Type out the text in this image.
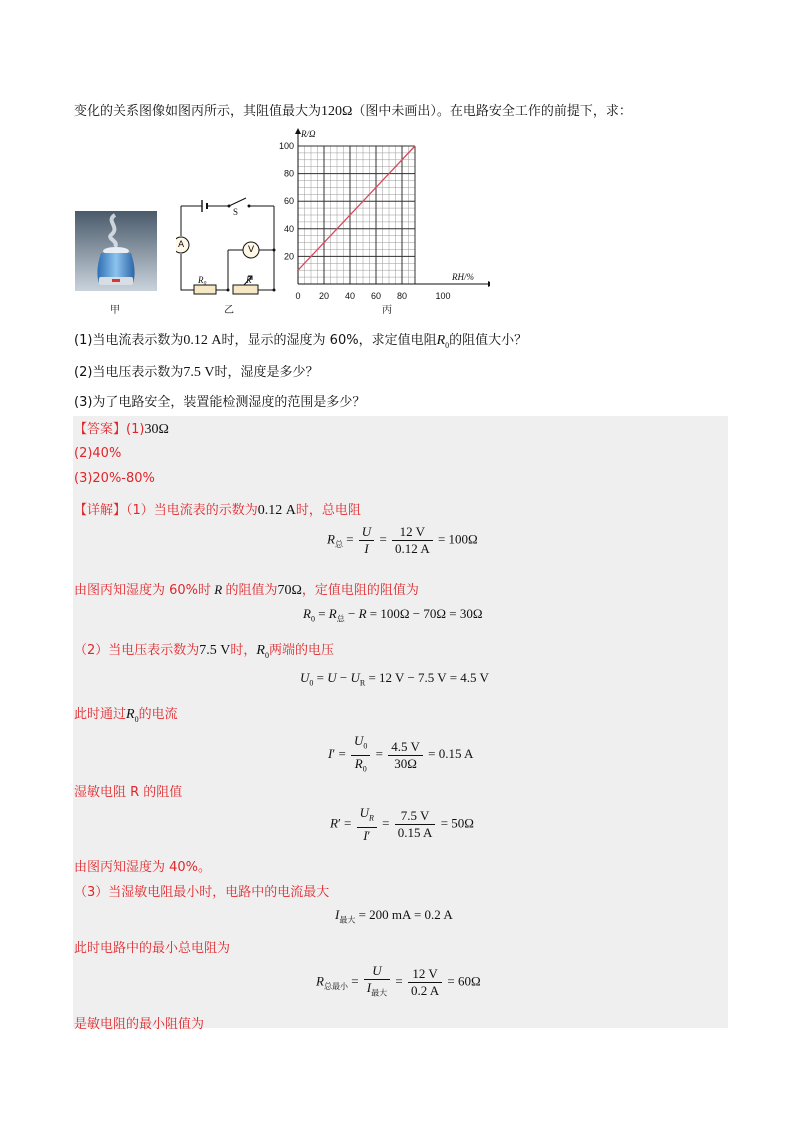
变化的关系图像如图丙所示，其阻值最大为120Ω（图中未画出）。在电路安全工作的前提下，求：
甲
S
A	V
R₀	R
乙
0 20 40 60 80	100
20
40
60
80
100
R/Ω
RH/%
丙
(1)当电流表示数为0.12 A时，显示的湿度为 60%，求定值电阻$R_0$的阻值大小？
(2)当电压表示数为7.5 V时，湿度是多少？
(3)为了电路安全，装置能检测湿度的范围是多少？
【答案】(1)30Ω
(2)40%
(3)20%-80%
【详解】（1）当电流表的示数为0.12 A时，总电阻
$R_总 = \frac{U}{I} = \frac{12 V}{0.12 A} = 100\Omega$
由图丙知湿度为 60%时 R 的阻值为70Ω，定值电阻的阻值为
$R_0 = R_总 - R = 100\Omega - 70\Omega = 30\Omega$
（2）当电压表示数为7.5 V时，$R_0$两端的电压
$U_0 = U - U_R = 12$ V − 7.5 V = 4.5 V
此时通过$R_0$的电流
$I' = \frac{U_0}{R_0} = \frac{4.5 V}{30\Omega} = 0.15$ A
湿敏电阻 R 的阻值
$R' = \frac{U_R}{I'} = \frac{7.5 V}{0.15 A} = 50\Omega$
由图丙知湿度为 40%。
（3）当湿敏电阻最小时，电路中的电流最大
$I_{最大} = 200$ mA = 0.2 A
此时电路中的最小总电阻为
$R_{总最小} = \frac{U}{I_{最大}} = \frac{12 V}{0.2 A} = 60\Omega$
是敏电阻的最小阻值为
